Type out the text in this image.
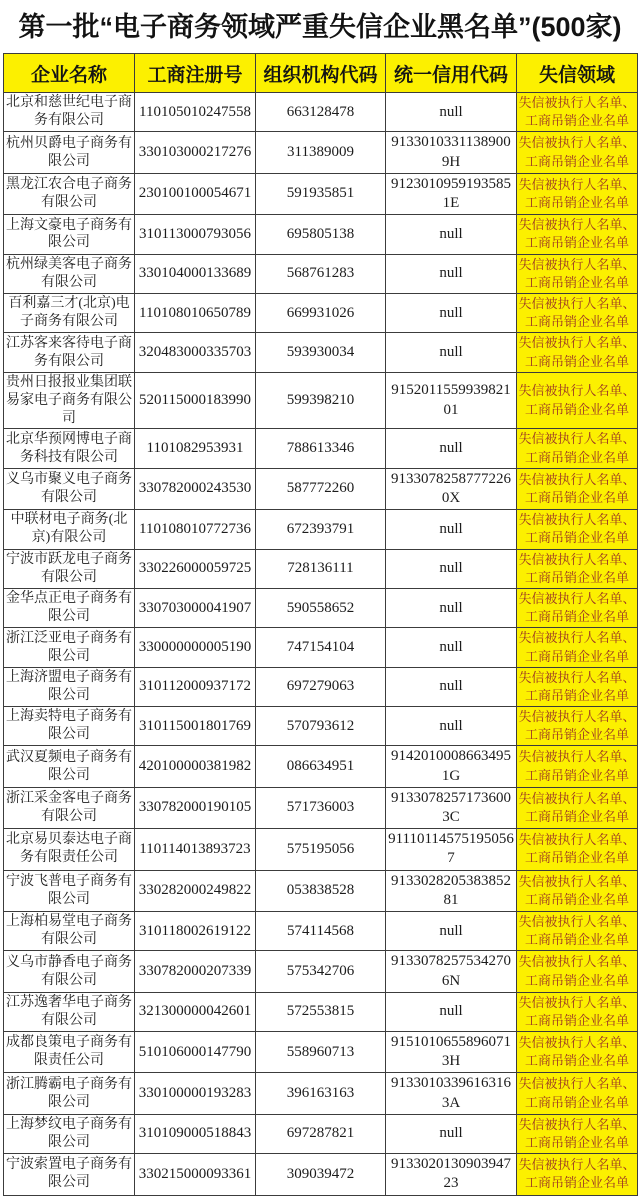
第一批“电子商务领域严重失信企业黑名单”(500家)
企业名称	工商注册号	组织机构代码	统一信用代码	失信领域
北京和慈世纪电子商务有限公司	110105010247558	663128478	null	失信被执行人名单、工商吊销企业名单
杭州贝爵电子商务有限公司	330103000217276	311389009	91330103311389009H	失信被执行人名单、工商吊销企业名单
黑龙江农合电子商务有限公司	230100100054671	591935851	91230109591935851E	失信被执行人名单、工商吊销企业名单
上海文豪电子商务有限公司	310113000793056	695805138	null	失信被执行人名单、工商吊销企业名单
杭州绿美客电子商务有限公司	330104000133689	568761283	null	失信被执行人名单、工商吊销企业名单
百利嘉三才(北京)电子商务有限公司	110108010650789	669931026	null	失信被执行人名单、工商吊销企业名单
江苏客来客待电子商务有限公司	320483000335703	593930034	null	失信被执行人名单、工商吊销企业名单
贵州日报报业集团联易家电子商务有限公司	520115000183990	599398210	915201155993982101	失信被执行人名单、工商吊销企业名单
北京华预网博电子商务科技有限公司	1101082953931	788613346	null	失信被执行人名单、工商吊销企业名单
义乌市聚义电子商务有限公司	330782000243530	587772260	91330782587772260X	失信被执行人名单、工商吊销企业名单
中联材电子商务(北京)有限公司	110108010772736	672393791	null	失信被执行人名单、工商吊销企业名单
宁波市跃龙电子商务有限公司	330226000059725	728136111	null	失信被执行人名单、工商吊销企业名单
金华点正电子商务有限公司	330703000041907	590558652	null	失信被执行人名单、工商吊销企业名单
浙江泛亚电子商务有限公司	330000000005190	747154104	null	失信被执行人名单、工商吊销企业名单
上海济盟电子商务有限公司	310112000937172	697279063	null	失信被执行人名单、工商吊销企业名单
上海卖特电子商务有限公司	310115001801769	570793612	null	失信被执行人名单、工商吊销企业名单
武汉夏频电子商务有限公司	420100000381982	086634951	91420100086634951G	失信被执行人名单、工商吊销企业名单
浙江采金客电子商务有限公司	330782000190105	571736003	91330782571736003C	失信被执行人名单、工商吊销企业名单
北京易贝泰达电子商务有限责任公司	110114013893723	575195056	911101145751950567	失信被执行人名单、工商吊销企业名单
宁波飞普电子商务有限公司	330282000249822	053838528	913302820538385281	失信被执行人名单、工商吊销企业名单
上海柏易堂电子商务有限公司	310118002619122	574114568	null	失信被执行人名单、工商吊销企业名单
义乌市静香电子商务有限公司	330782000207339	575342706	91330782575342706N	失信被执行人名单、工商吊销企业名单
江苏逸奢华电子商务有限公司	321300000042601	572553815	null	失信被执行人名单、工商吊销企业名单
成都良策电子商务有限责任公司	510106000147790	558960713	91510106558960713H	失信被执行人名单、工商吊销企业名单
浙江腾霸电子商务有限公司	330100000193283	396163163	91330103396163163A	失信被执行人名单、工商吊销企业名单
上海梦纹电子商务有限公司	310109000518843	697287821	null	失信被执行人名单、工商吊销企业名单
宁波索置电子商务有限公司	330215000093361	309039472	913302013090394723	失信被执行人名单、工商吊销企业名单
